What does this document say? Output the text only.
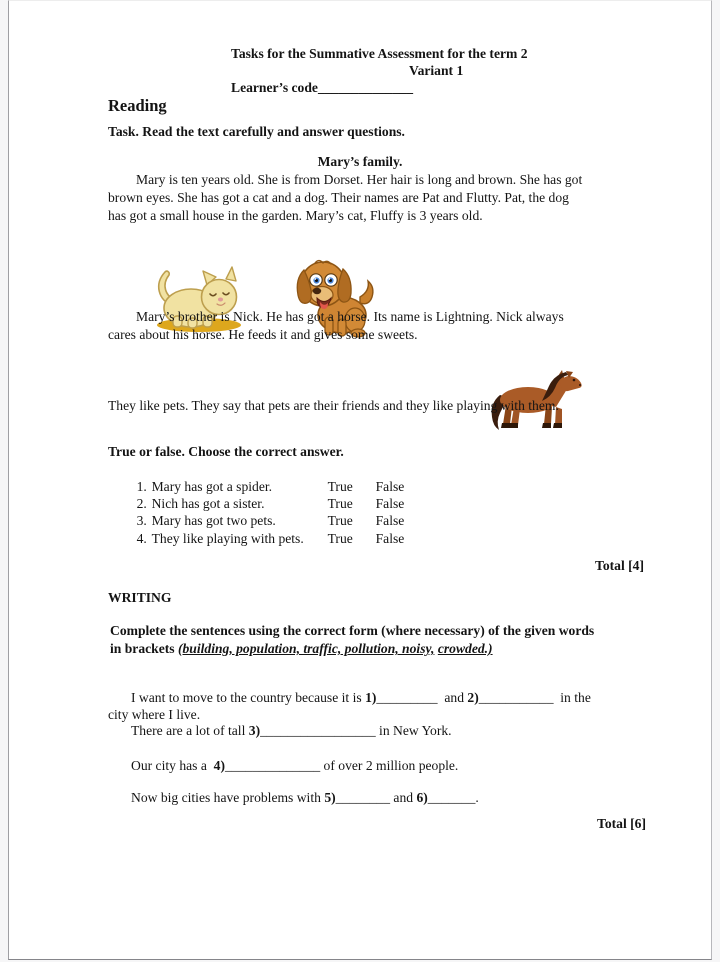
Tasks for the Summative Assessment for the term 2
Variant 1
Learner’s code______________
Reading
Task. Read the text carefully and answer questions.
Mary’s family.
Mary is ten years old. She is from Dorset. Her hair is long and brown. She has got
brown eyes. She has got a cat and a dog. Their names are Pat and Flutty. Pat, the dog
has got a small house in the garden. Mary’s cat, Fluffy is 3 years old.

Mary’s brother is Nick. He has got a horse. Its name is Lightning. Nick always
cares about his horse. He feeds it and gives some sweets.

They like pets. They say that pets are their friends and they like playing with them.
True or false. Choose the correct answer.

1. Mary has got a spider.	True False

2. Nich has got a sister.	True False

3. Mary has got two pets.	True False

4. They like playing with pets. True False

Total [4]
WRITING
Complete the sentences using the correct form (where necessary) of the given words
in brackets (building, population, traffic, pollution, noisy, crowded.)
I want to move to the country because it is 1)_________  and 2)___________  in the
city where I live.
There are a lot of tall 3)_________________ in New York.
Our city has a  4)______________ of over 2 million people.
Now big cities have problems with 5)________ and 6)_______.
Total [6]
